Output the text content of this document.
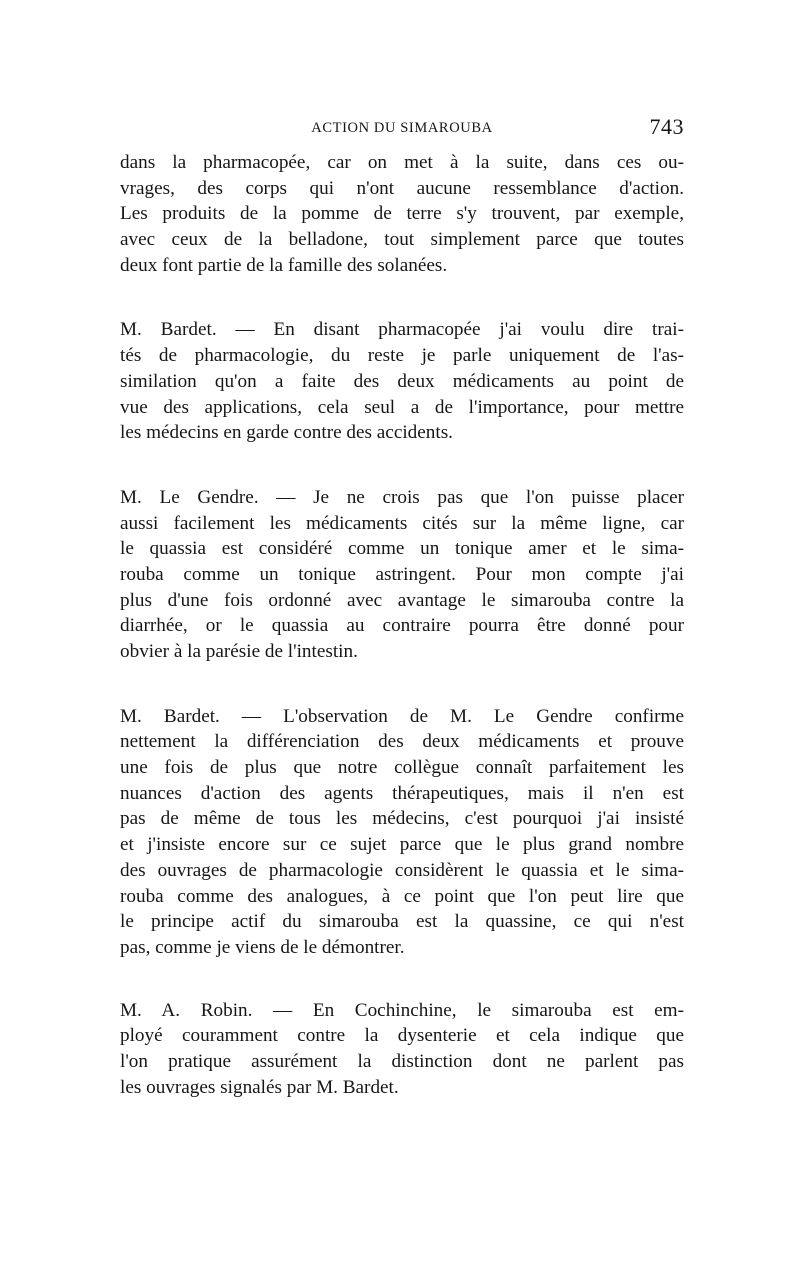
ACTION DU SIMAROUBA	743
dans la pharmacopée, car on met à la suite, dans ces ou-
vrages, des corps qui n'ont aucune ressemblance d'action.
Les produits de la pomme de terre s'y trouvent, par exemple,
avec ceux de la belladone, tout simplement parce que toutes
deux font partie de la famille des solanées.
M. Bardet. — En disant pharmacopée j'ai voulu dire trai-
tés de pharmacologie, du reste je parle uniquement de l'as-
similation qu'on a faite des deux médicaments au point de
vue des applications, cela seul a de l'importance, pour mettre
les médecins en garde contre des accidents.
M. Le Gendre. — Je ne crois pas que l'on puisse placer
aussi facilement les médicaments cités sur la même ligne, car
le quassia est considéré comme un tonique amer et le sima-
rouba comme un tonique astringent. Pour mon compte j'ai
plus d'une fois ordonné avec avantage le simarouba contre la
diarrhée, or le quassia au contraire pourra être donné pour
obvier à la parésie de l'intestin.
M. Bardet. — L'observation de M. Le Gendre confirme
nettement la différenciation des deux médicaments et prouve
une fois de plus que notre collègue connaît parfaitement les
nuances d'action des agents thérapeutiques, mais il n'en est
pas de même de tous les médecins, c'est pourquoi j'ai insisté
et j'insiste encore sur ce sujet parce que le plus grand nombre
des ouvrages de pharmacologie considèrent le quassia et le sima-
rouba comme des analogues, à ce point que l'on peut lire que
le principe actif du simarouba est la quassine, ce qui n'est
pas, comme je viens de le démontrer.
M. A. Robin. — En Cochinchine, le simarouba est em-
ployé couramment contre la dysenterie et cela indique que
l'on pratique assurément la distinction dont ne parlent pas
les ouvrages signalés par M. Bardet.
